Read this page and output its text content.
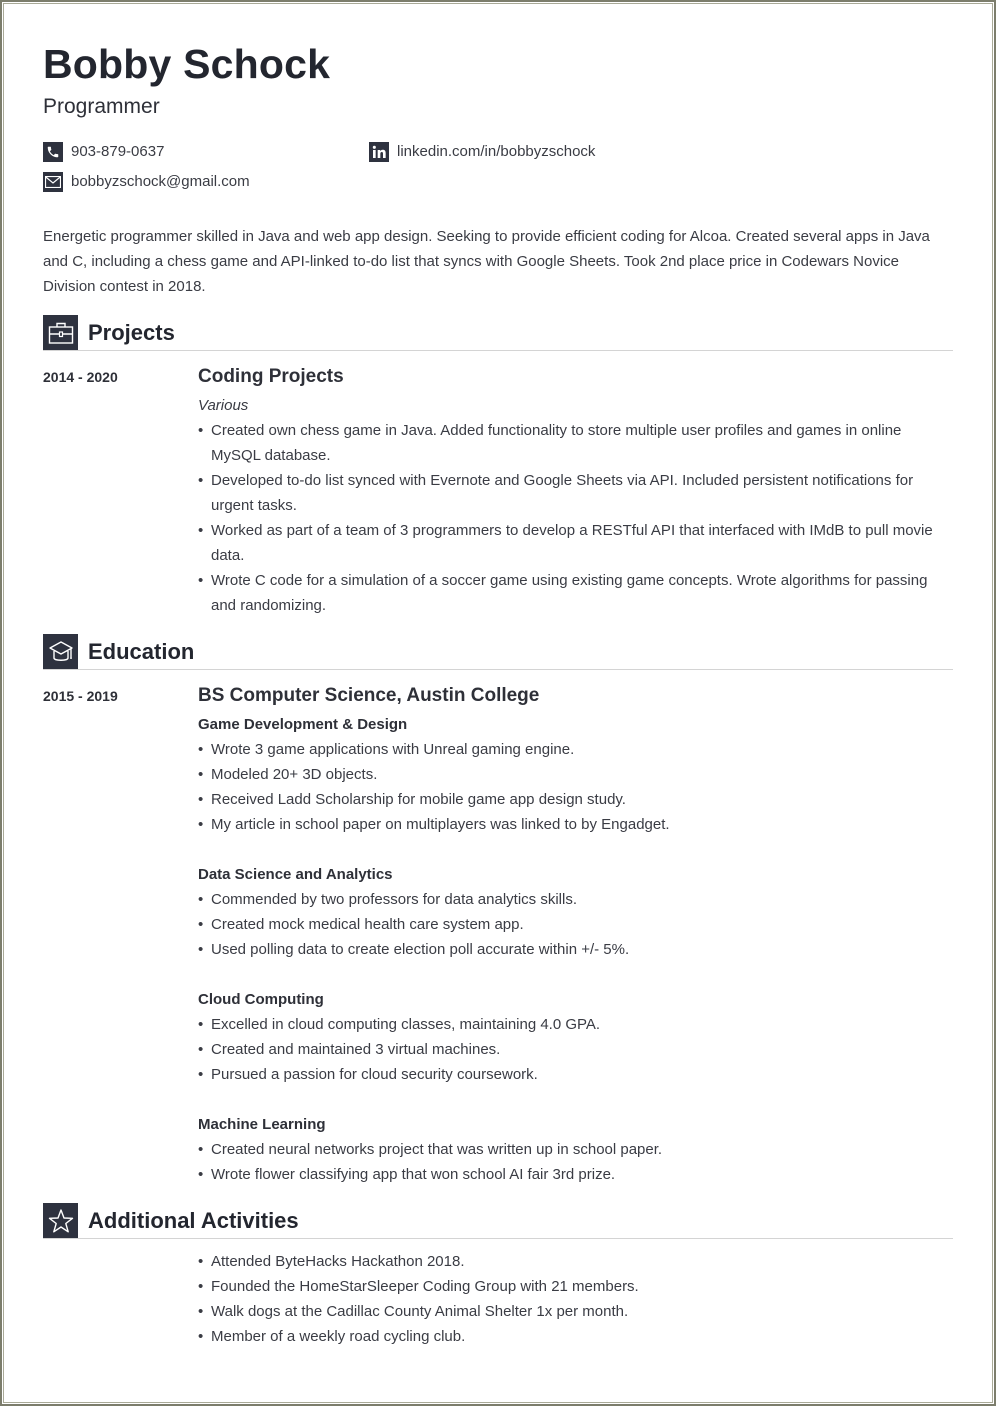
Bobby Schock
Programmer
903-879-0637	linkedin.com/in/bobbyzschock
bobbyzschock@gmail.com
Energetic programmer skilled in Java and web app design. Seeking to provide efficient coding for Alcoa. Created several apps in Java and C, including a chess game and API-linked to-do list that syncs with Google Sheets. Took 2nd place price in Codewars Novice Division contest in 2018.
Projects
2014 - 2020	Coding Projects
Various
• Created own chess game in Java. Added functionality to store multiple user profiles and games in online MySQL database.
• Developed to-do list synced with Evernote and Google Sheets via API. Included persistent notifications for urgent tasks.
• Worked as part of a team of 3 programmers to develop a RESTful API that interfaced with IMdB to pull movie data.
• Wrote C code for a simulation of a soccer game using existing game concepts. Wrote algorithms for passing and randomizing.
Education
2015 - 2019	BS Computer Science, Austin College
Game Development & Design
• Wrote 3 game applications with Unreal gaming engine.
• Modeled 20+ 3D objects.
• Received Ladd Scholarship for mobile game app design study.
• My article in school paper on multiplayers was linked to by Engadget.
Data Science and Analytics
• Commended by two professors for data analytics skills.
• Created mock medical health care system app.
• Used polling data to create election poll accurate within +/- 5%.
Cloud Computing
• Excelled in cloud computing classes, maintaining 4.0 GPA.
• Created and maintained 3 virtual machines.
• Pursued a passion for cloud security coursework.
Machine Learning
• Created neural networks project that was written up in school paper.
• Wrote flower classifying app that won school AI fair 3rd prize.
Additional Activities
• Attended ByteHacks Hackathon 2018.
• Founded the HomeStarSleeper Coding Group with 21 members.
• Walk dogs at the Cadillac County Animal Shelter 1x per month.
• Member of a weekly road cycling club.
